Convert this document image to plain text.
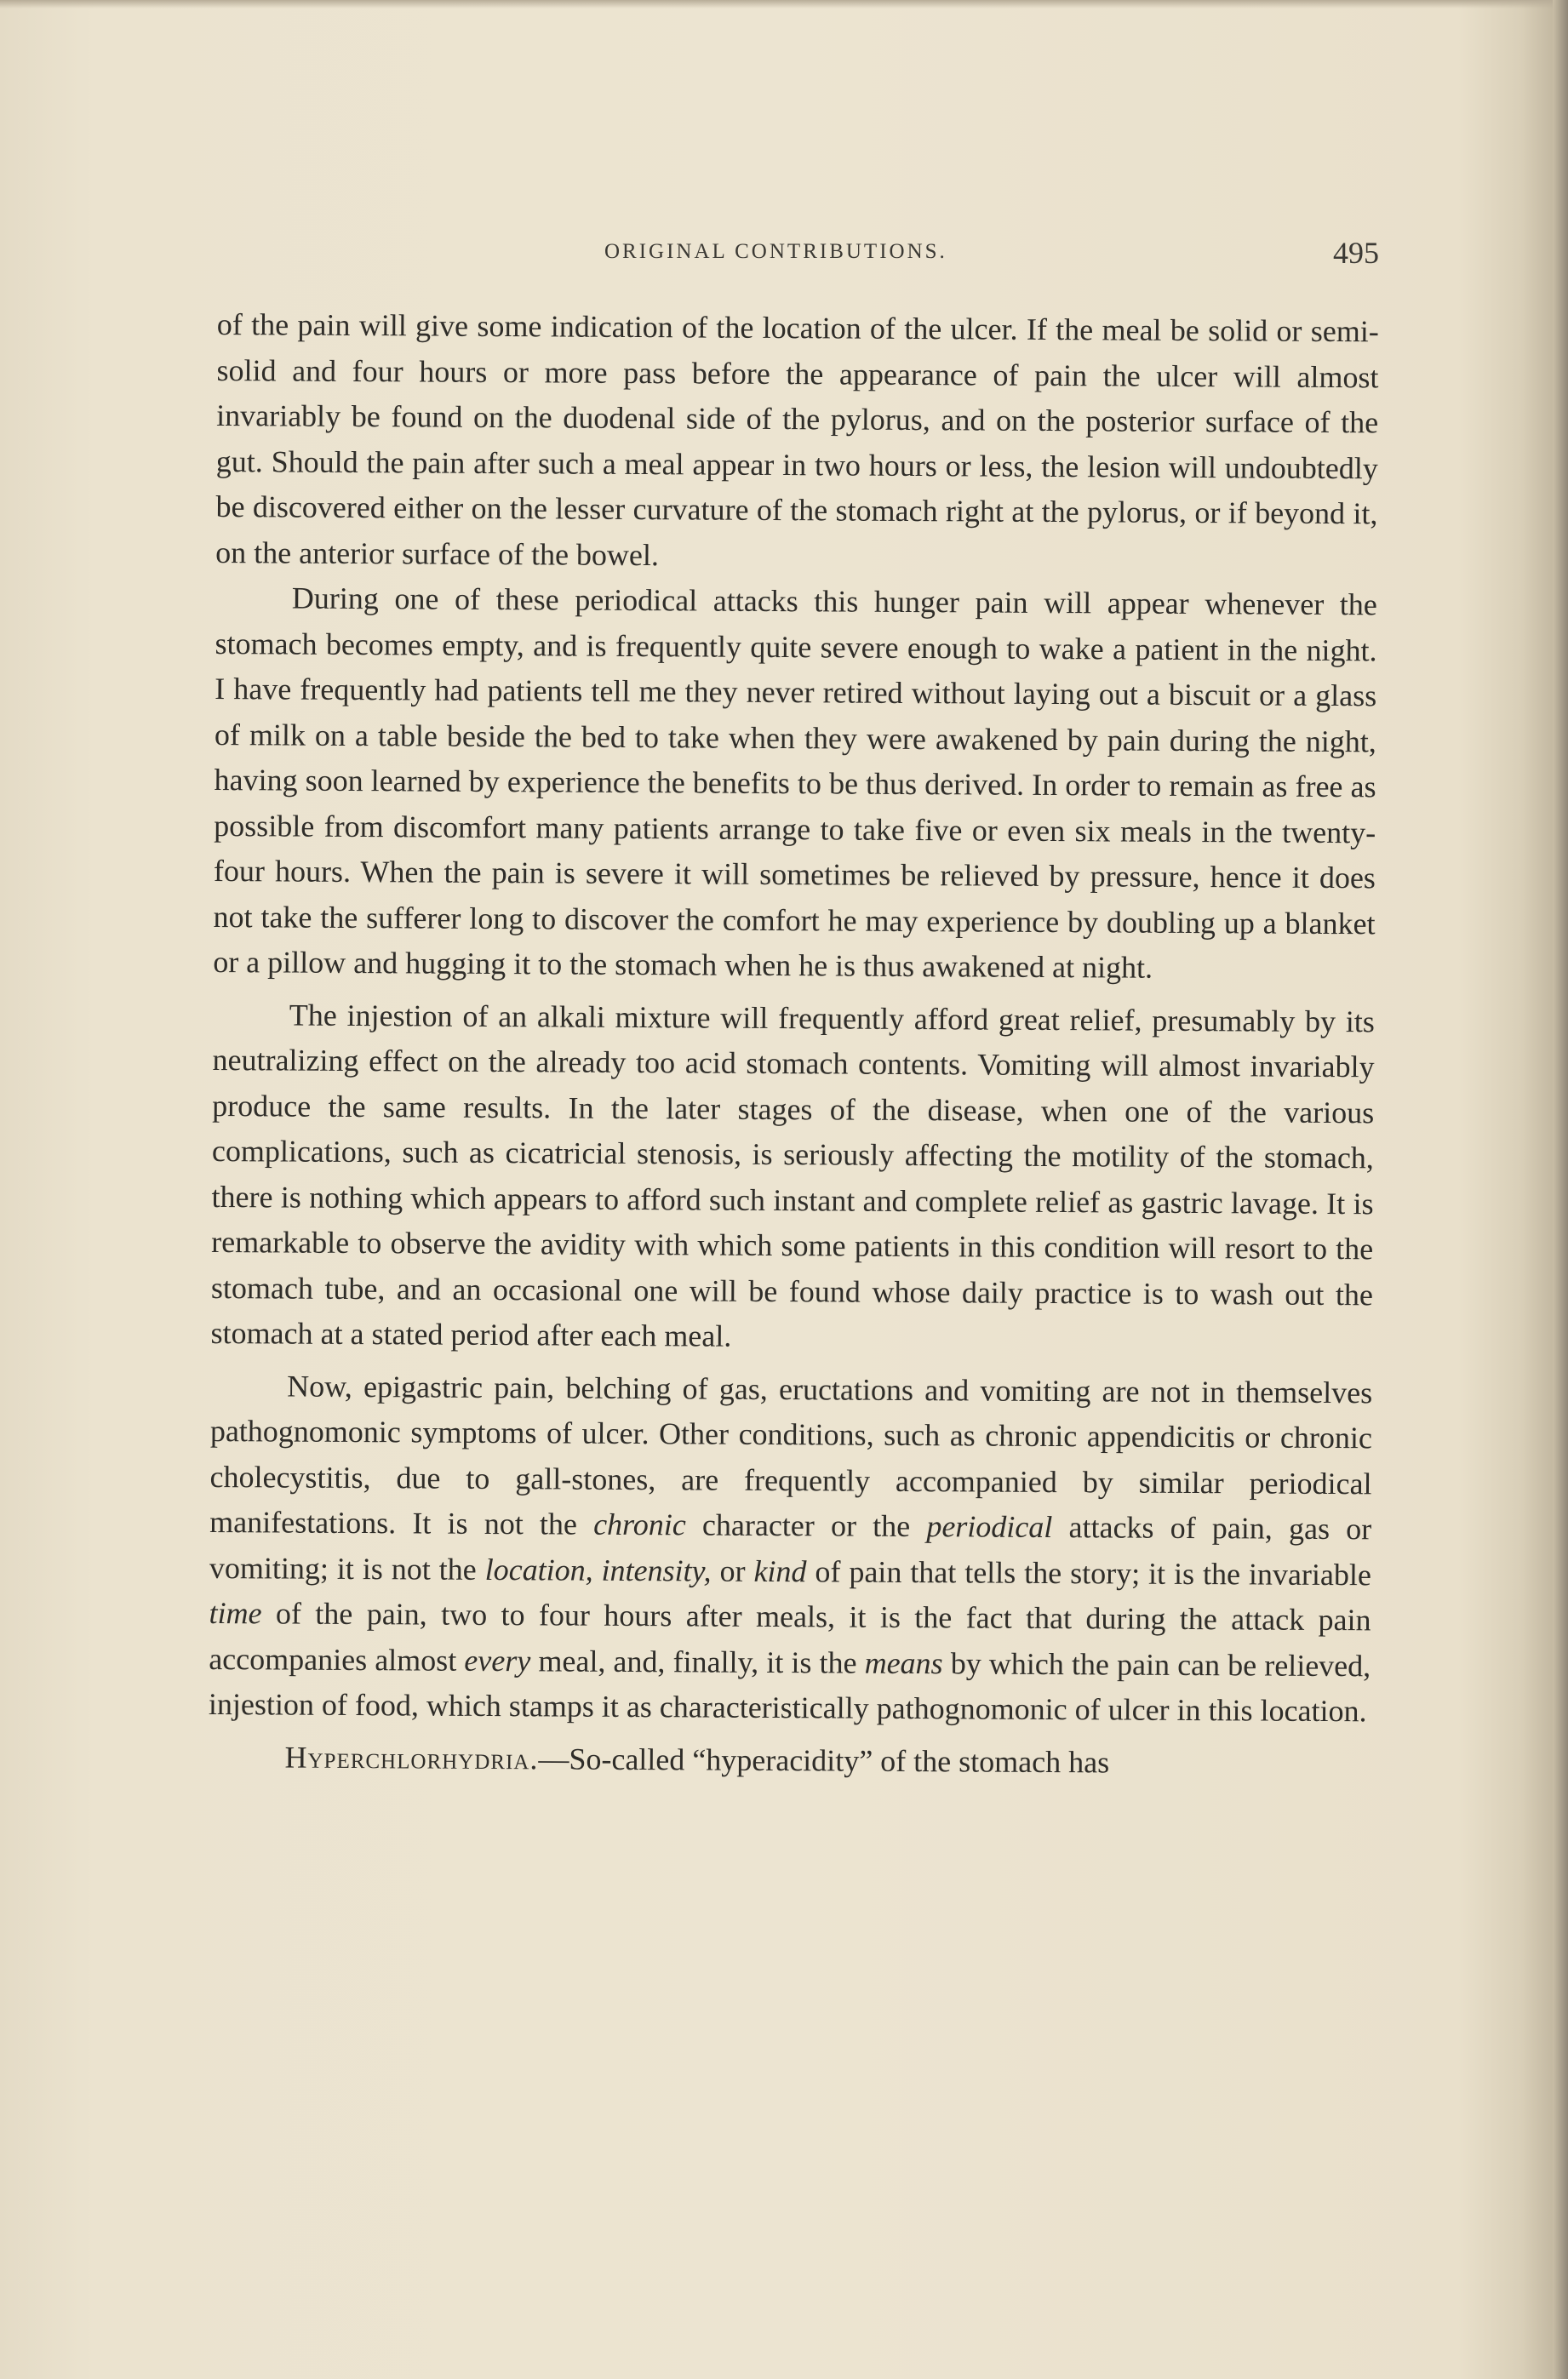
ORIGINAL CONTRIBUTIONS.	495

of the pain will give some indication of the location of the ulcer. If the meal be solid or semi-solid and four hours or more pass before the appearance of pain the ulcer will almost invariably be found on the duodenal side of the pylorus, and on the posterior surface of the gut. Should the pain after such a meal appear in two hours or less, the lesion will undoubtedly be discovered either on the lesser curvature of the stomach right at the pylorus, or if beyond it, on the anterior surface of the bowel.

During one of these periodical attacks this hunger pain will appear whenever the stomach becomes empty, and is frequently quite severe enough to wake a patient in the night. I have frequently had patients tell me they never retired without laying out a biscuit or a glass of milk on a table beside the bed to take when they were awakened by pain during the night, having soon learned by experience the benefits to be thus derived. In order to remain as free as possible from discomfort many patients arrange to take five or even six meals in the twenty-four hours. When the pain is severe it will sometimes be relieved by pressure, hence it does not take the sufferer long to discover the comfort he may experience by doubling up a blanket or a pillow and hugging it to the stomach when he is thus awakened at night.

The injestion of an alkali mixture will frequently afford great relief, presumably by its neutralizing effect on the already too acid stomach contents. Vomiting will almost invariably produce the same results. In the later stages of the disease, when one of the various complications, such as cicatricial stenosis, is seriously affecting the motility of the stomach, there is nothing which appears to afford such instant and complete relief as gastric lavage. It is remarkable to observe the avidity with which some patients in this condition will resort to the stomach tube, and an occasional one will be found whose daily practice is to wash out the stomach at a stated period after each meal.

Now, epigastric pain, belching of gas, eructations and vomiting are not in themselves pathognomonic symptoms of ulcer. Other conditions, such as chronic appendicitis or chronic cholecystitis, due to gall-stones, are frequently accompanied by similar periodical manifestations. It is not the chronic character or the periodical attacks of pain, gas or vomiting; it is not the location, intensity, or kind of pain that tells the story; it is the invariable time of the pain, two to four hours after meals, it is the fact that during the attack pain accompanies almost every meal, and, finally, it is the means by which the pain can be relieved, injestion of food, which stamps it as characteristically pathognomonic of ulcer in this location.

Hyperchlorhydria.—So-called “hyperacidity” of the stomach has
